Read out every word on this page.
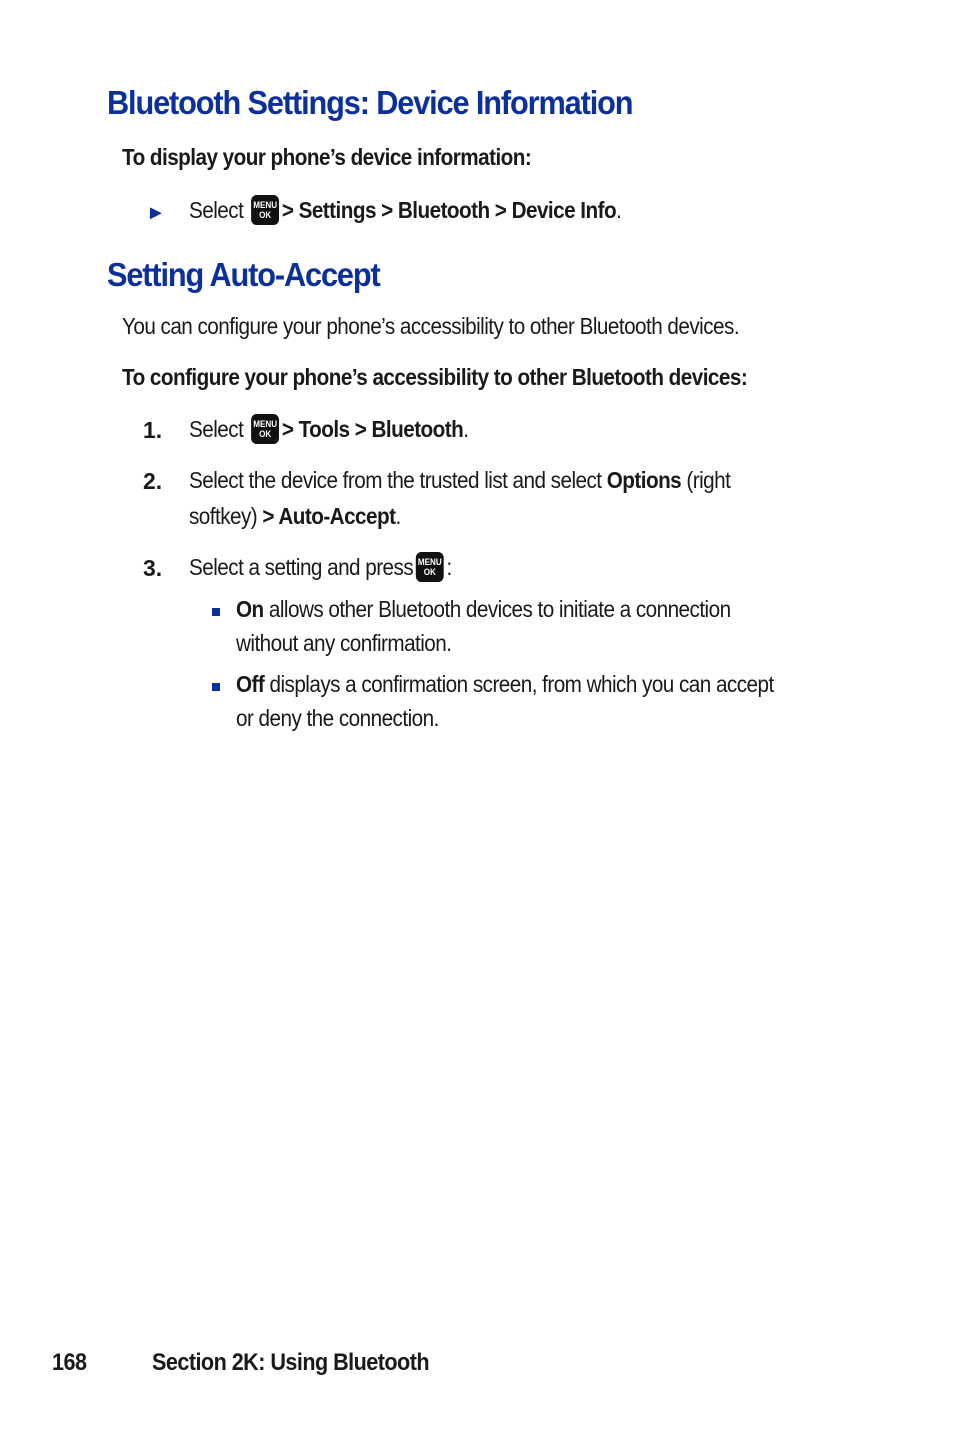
Bluetooth Settings: Device Information

To display your phone’s device information:

► Select MENU
OK > Settings > Bluetooth > Device Info.

Setting Auto-Accept

You can configure your phone’s accessibility to other Bluetooth devices.

To configure your phone’s accessibility to other Bluetooth devices:

1. Select MENU
OK > Tools > Bluetooth.

2. Select the device from the trusted list and select Options (right

softkey) > Auto-Accept.

3. Select a setting and press MENU
OK :

On allows other Bluetooth devices to initiate a connection

without any confirmation.

Off displays a confirmation screen, from which you can accept

or deny the connection.

168	Section 2K: Using Bluetooth
